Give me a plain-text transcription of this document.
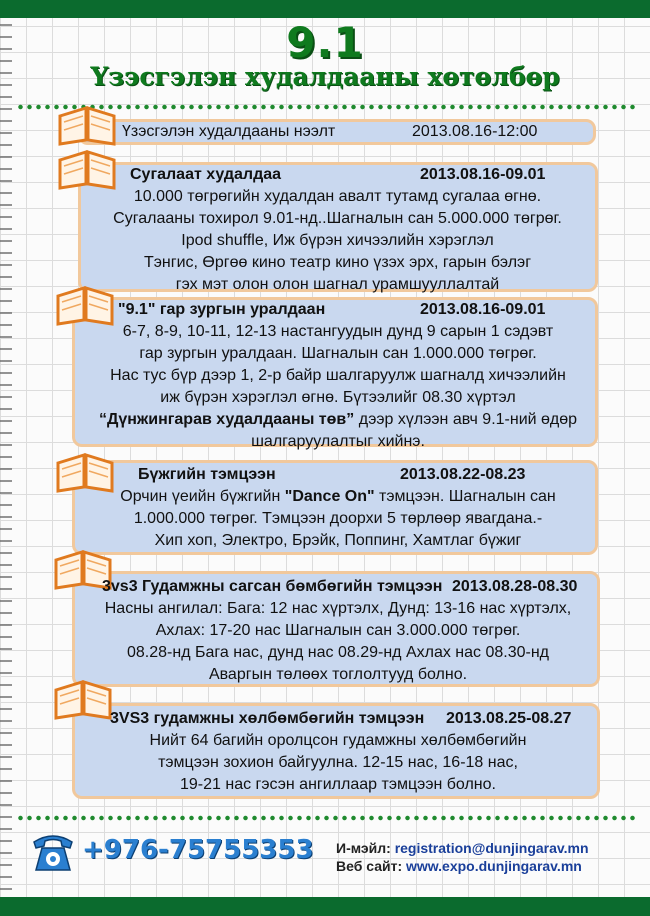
9.1
Үзэсгэлэн худалдааны хөтөлбөр
Үзэсгэлэн худалдааны нээлт	2013.08.16-12:00
Сугалаат худалдаа	2013.08.16-09.01
10.000 төгрөгийн худалдан авалт тутамд сугалаа өгнө.
Сугалааны тохирол 9.01-нд..Шагналын сан 5.000.000 төгрөг.
Ipod shuffle, Иж бүрэн хичээлийн хэрэглэл
Тэнгис, Өргөө кино театр кино үзэх эрх, гарын бэлэг
гэх мэт олон олон шагнал урамшууллалтай
"9.1" гар зургын уралдаан	2013.08.16-09.01
6-7, 8-9, 10-11, 12-13 настангуудын дунд 9 сарын 1 сэдэвт
гар зургын уралдаан. Шагналын сан 1.000.000 төгрөг.
Нас тус бүр дээр 1, 2-р байр шалгаруулж шагналд хичээлийн
иж бүрэн хэрэглэл өгнө. Бүтээлийг 08.30 хүртэл
“Дүнжингарав худалдааны төв” дээр хүлээн авч 9.1-ний өдөр
шалгаруулалтыг хийнэ.
Бүжгийн тэмцээн	2013.08.22-08.23
Орчин үеийн бүжгийн "Dance On" тэмцээн. Шагналын сан
1.000.000 төгрөг. Тэмцээн доорхи 5 төрлөөр явагдана.-
Хип хоп, Электро, Брэйк, Поппинг, Хамтлаг бүжиг
3vs3 Гудамжны сагсан бөмбөгийн тэмцээн 2013.08.28-08.30
Насны ангилал: Бага: 12 нас хүртэлх, Дунд: 13-16 нас хүртэлх,
Ахлах: 17-20 нас Шагналын сан 3.000.000 төгрөг.
08.28-нд Бага нас, дунд нас 08.29-нд Ахлах нас 08.30-нд
Аваргын төлөөх тоглолтууд болно.
3VS3 гудамжны хөлбөмбөгийн тэмцээн 2013.08.25-08.27
Нийт 64 багийн оролцсон гудамжны хөлбөмбөгийн
тэмцээн зохион байгуулна. 12-15 нас, 16-18 нас,
19-21 нас гэсэн ангиллаар тэмцээн болно.
+976-75755353 И-мэйл: registration@dunjingarav.mn
Веб сайт: www.expo.dunjingarav.mn
